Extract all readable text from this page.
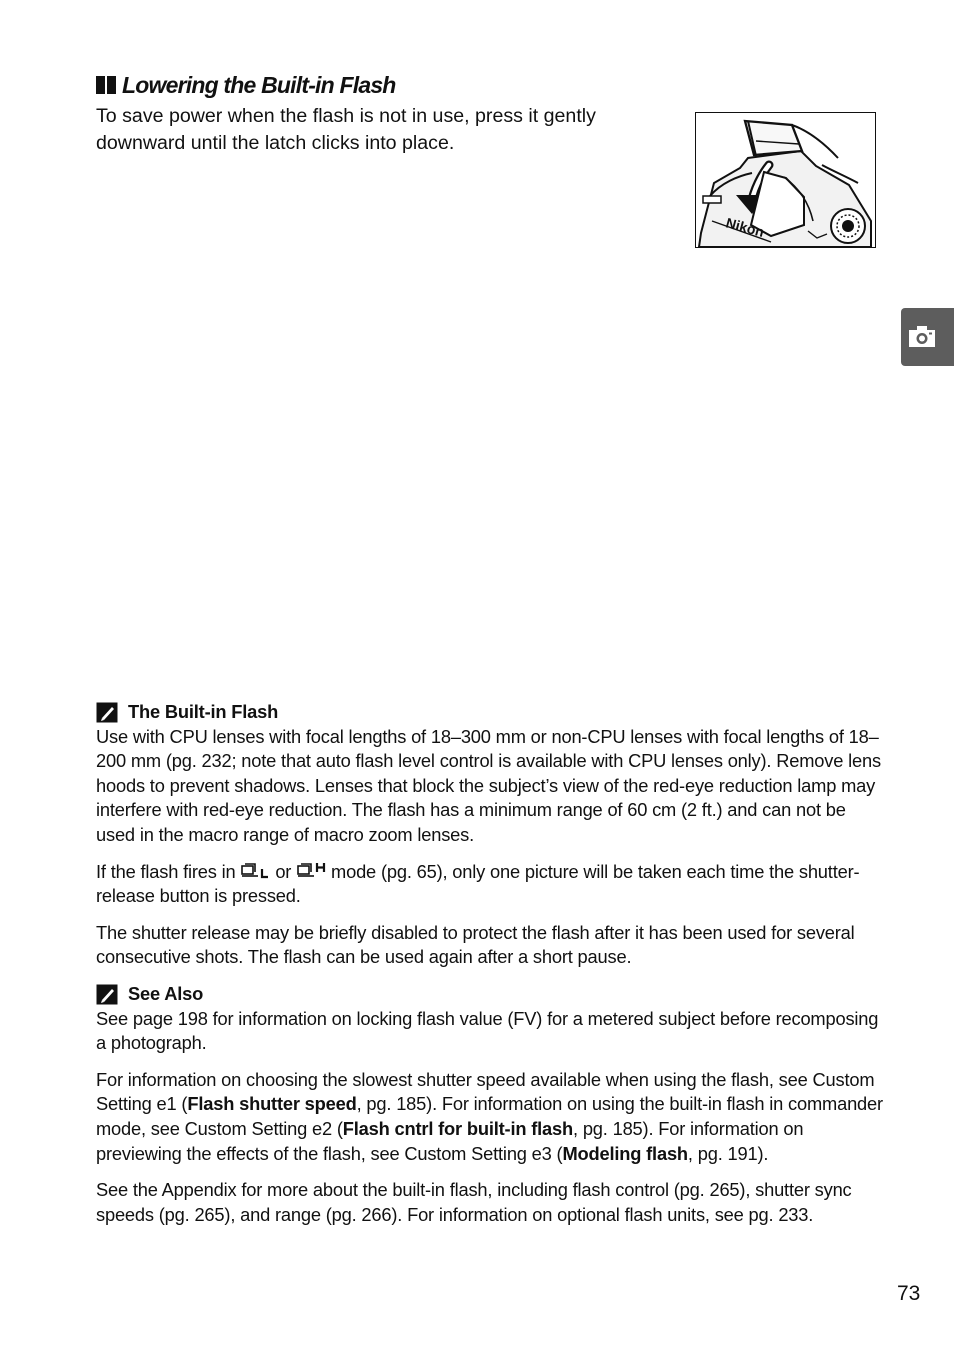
Lowering the Built-in Flash

To save power when the flash is not in use, press it gently downward until the latch clicks into place.

Nikon
The Built-in Flash

Use with CPU lenses with focal lengths of 18–300 mm or non-CPU lenses with focal lengths of 18–200 mm (pg. 232; note that auto flash level control is available with CPU lenses only). Remove lens hoods to prevent shadows. Lenses that block the subject’s view of the red-eye reduction lamp may interfere with red-eye reduction. The flash has a minimum range of 60 cm (2 ft.) and can not be used in the macro range of macro zoom lenses.

If the flash fires in or mode (pg. 65), only one picture will be taken each time the shutter-release button is pressed.

The shutter release may be briefly disabled to protect the flash after it has been used for several consecutive shots. The flash can be used again after a short pause.

See Also

See page 198 for information on locking flash value (FV) for a metered subject before recomposing a photograph.

For information on choosing the slowest shutter speed available when using the flash, see Custom Setting e1 (Flash shutter speed, pg. 185). For information on using the built-in flash in commander mode, see Custom Setting e2 (Flash cntrl for built-in flash, pg. 185). For information on previewing the effects of the flash, see Custom Setting e3 (Modeling flash, pg. 191).

See the Appendix for more about the built-in flash, including flash control (pg. 265), shutter sync speeds (pg. 265), and range (pg. 266). For information on optional flash units, see pg. 233.

73
